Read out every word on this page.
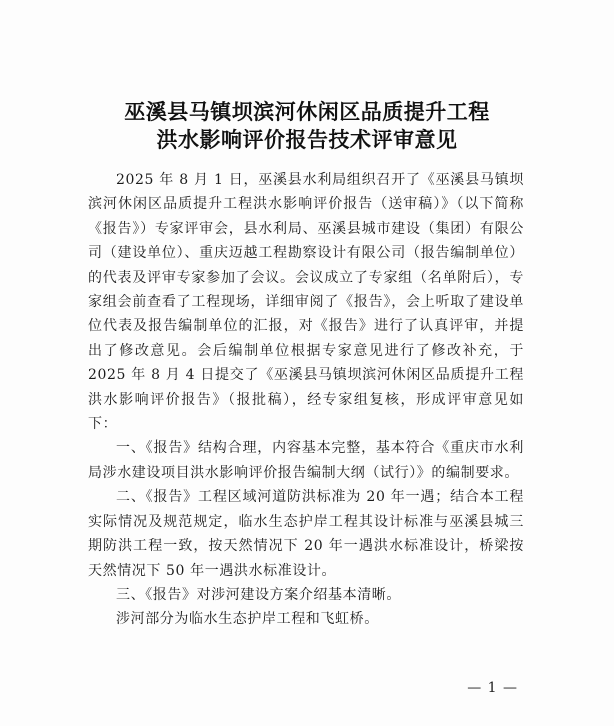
巫溪县马镇坝滨河休闲区品质提升工程
洪水影响评价报告技术评审意见

2025 年 8 月 1 日，巫溪县水利局组织召开了《巫溪县马镇坝滨河休闲区品质提升工程洪水影响评价报告（送审稿）》（以下简称《报告》）专家评审会，县水利局、巫溪县城市建设（集团）有限公司（建设单位）、重庆迈越工程勘察设计有限公司（报告编制单位）的代表及评审专家参加了会议。会议成立了专家组（名单附后），专家组会前查看了工程现场，详细审阅了《报告》，会上听取了建设单位代表及报告编制单位的汇报，对《报告》进行了认真评审，并提出了修改意见。会后编制单位根据专家意见进行了修改补充，于 2025 年 8 月 4 日提交了《巫溪县马镇坝滨河休闲区品质提升工程洪水影响评价报告》（报批稿），经专家组复核，形成评审意见如下：

一、《报告》结构合理，内容基本完整，基本符合《重庆市水利局涉水建设项目洪水影响评价报告编制大纲（试行）》的编制要求。

二、《报告》工程区域河道防洪标准为 20 年一遇；结合本工程实际情况及规范规定，临水生态护岸工程其设计标准与巫溪县城三期防洪工程一致，按天然情况下 20 年一遇洪水标准设计，桥梁按天然情况下 50 年一遇洪水标准设计。

三、《报告》对涉河建设方案介绍基本清晰。

涉河部分为临水生态护岸工程和飞虹桥。

— 1 —
